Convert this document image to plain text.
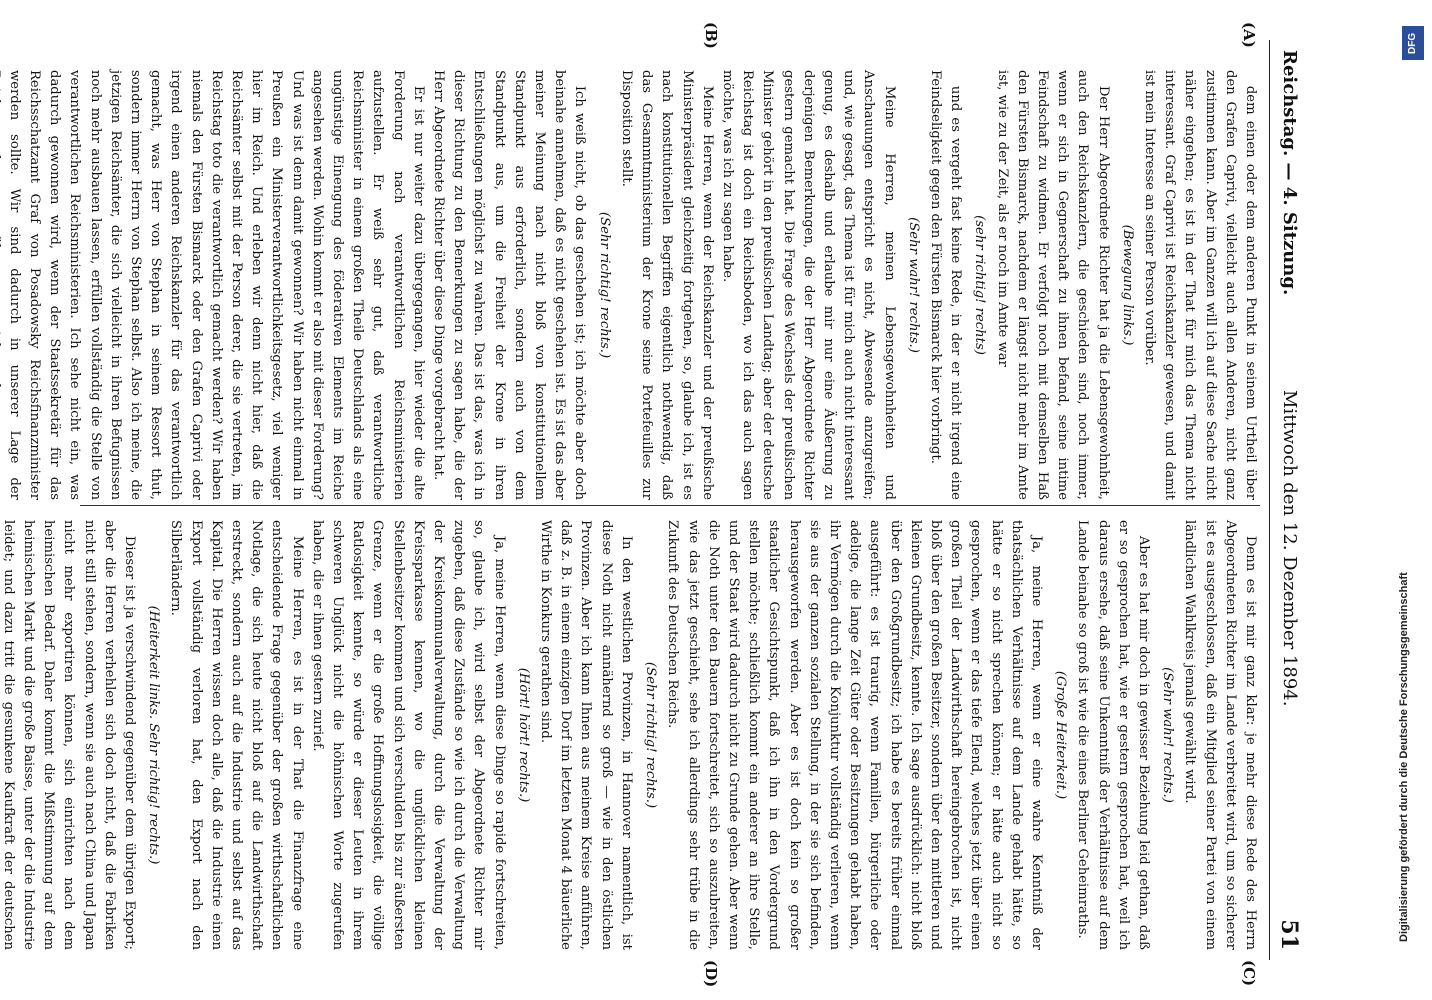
Reichstag. — 4. Sitzung.
Mittwoch den 12. Dezember 1894.
51
(A)
(B)
(C)
(D)

dem einen oder dem anderen Punkt in seinem Urtheil über den Grafen Caprivi, vielleicht auch allen Anderen, nicht ganz zustimmen kann. Aber im Ganzen will ich auf diese Sache nicht näher eingehen; es ist in der That für mich das Thema nicht interessant. Graf Caprivi ist Reichskanzler gewesen, und damit ist mein Interesse an seiner Person vorüber.

(Bewegung links.)

Der Herr Abgeordnete Richter hat ja die Lebensgewohnheit, auch den Reichskanzlern, die geschieden sind, noch immer, wenn er sich in Gegnerschaft zu ihnen befand, seine intime Feindschaft zu widmen. Er verfolgt noch mit demselben Haß den Fürsten Bismarck, nachdem er längst nicht mehr im Amte ist, wie zu der Zeit, als er noch im Amte war

(sehr richtig! rechts)

und es vergeht fast keine Rede, in der er nicht irgend eine Feindseligkeit gegen den Fürsten Bismarck hier vorbringt.

(Sehr wahr! rechts.)

Meine Herren, meinen Lebensgewohnheiten und Anschauungen entspricht es nicht, Abwesende anzugreifen; und, wie gesagt, das Thema ist für mich auch nicht interessant genug, es deshalb und erlaube mir nur eine Äußerung zu derjenigen Bemerkungen, die der Herr Abgeordnete Richter gestern gemacht hat. Die Frage des Wechsels der preußischen Minister gehört in den preußischen Landtag; aber der deutsche Reichstag ist doch ein Reichsboden, wo ich das auch sagen möchte, was ich zu sagen habe.

Meine Herren, wenn der Reichskanzler und der preußische Ministerpräsident gleichzeitig fortgehen, so, glaube ich, ist es nach konstitutionellen Begriffen eigentlich nothwendig, daß das Gesammtministerium der Krone seine Portefeuilles zur Disposition stellt.

(Sehr richtig! rechts.)

Ich weiß nicht, ob das geschehen ist; ich möchte aber doch beinahe annehmen, daß es nicht geschehen ist. Es ist das aber meiner Meinung nach nicht bloß von konstitutionellem Standpunkt aus erforderlich, sondern auch von dem Standpunkt aus, um die Freiheit der Krone in ihren Entschließungen möglichst zu wahren. Das ist das, was ich in dieser Richtung zu den Bemerkungen zu sagen habe, die der Herr Abgeordnete Richter über diese Dinge vorgebracht hat.

Er ist nur weiter dazu übergegangen, hier wieder die alte Forderung nach verantwortlichen Reichsministerien aufzustellen. Er weiß sehr gut, daß verantwortliche Reichsminister in einem großen Theile Deutschlands als eine ungünstige Einengung des föderativen Elements im Reiche angesehen werden. Wohin kommt er also mit dieser Forderung? Und was ist denn damit gewonnen? Wir haben nicht einmal in Preußen ein Ministerverantwortlichkeitsgesetz, viel weniger hier im Reich. Und erleben wir denn nicht hier, daß die Reichsämter selbst mit der Person derer, die sie vertreten, im Reichstag toto die verantwortlich gemacht werden? Wir haben niemals den Fürsten Bismarck oder den Grafen Caprivi oder irgend einen anderen Reichskanzler für das verantwortlich gemacht, was Herr von Stephan in seinem Ressort thut, sondern immer Herrn von Stephan selbst. Also ich meine, die jetzigen Reichsämter, die sich vielleicht in ihren Befugnissen noch mehr ausbauen lassen, erfüllen vollständig die Stelle von verantwortlichen Reichsministerien. Ich sehe nicht ein, was dadurch gewonnen wird, wenn der Staatssekretär für das Reichsschatzamt Graf von Posadowsky Reichsfinanzminister werden sollte. Wir sind dadurch in unserer Lage der

Denn es ist mir ganz klar: je mehr diese Rede des Herrn Abgeordneten Richter im Lande verbreitet wird, um so sicherer ist es ausgeschlossen, daß ein Mitglied seiner Partei von einem ländlichen Wahlkreis jemals gewählt wird.

(Sehr wahr! rechts.)

Aber es hat mir doch in gewisser Beziehung leid gethan, daß er so gesprochen hat, wie er gestern gesprochen hat, weil ich daraus ersehe, daß seine Unkenntniß der Verhältnisse auf dem Lande beinahe so groß ist wie die eines Berliner Geheimraths.

(Große Heiterkeit.)

Ja, meine Herren, wenn er eine wahre Kenntniß der thatsächlichen Verhältnisse auf dem Lande gehabt hätte, so hätte er so nicht sprechen können; er hätte auch nicht so gesprochen, wenn er das tiefe Elend, welches jetzt über einen großen Theil der Landwirthschaft hereingebrochen ist, nicht bloß über den großen Besitzer, sondern über den mittleren und kleinen Grundbesitz, kennte. Ich sage ausdrücklich: nicht bloß über den Großgrundbesitz; ich habe es bereits früher einmal ausgeführt: es ist traurig, wenn Familien, bürgerliche oder adelige, die lange Zeit Güter oder Besitzungen gehabt haben, ihr Vermögen durch die Konjunktur vollständig verlieren, wenn sie aus der ganzen sozialen Stellung, in der sie sich befinden, herausgeworfen werden. Aber es ist doch kein so großer staatlicher Gesichtspunkt, daß ich ihn in den Vordergrund stellen möchte; schließlich kommt ein anderer an ihre Stelle, und der Staat wird dadurch nicht zu Grunde gehen. Aber wenn die Noth unter den Bauern fortschreitet, sich so auszubreiten, wie das jetzt geschieht, sehe ich allerdings sehr trübe in die Zukunft des Deutschen Reichs.

(Sehr richtig! rechts.)

In den westlichen Provinzen, in Hannover namentlich, ist diese Noth nicht annähernd so groß — wie in den östlichen Provinzen. Aber ich kann Ihnen aus meinem Kreise anführen, daß z. B. in einem einzigen Dorf im letzten Monat 4 bäuerliche Wirthe in Konkurs gerathen sind.

(Hört! hört! rechts.)

Ja, meine Herren, wenn diese Dinge so rapide fortschreiten, so, glaube ich, wird selbst der Abgeordnete Richter mir zugeben, daß diese Zustände so wie ich durch die Verwaltung der Kreiskommunalverwaltung, durch die Verwaltung der Kreissparkasse kennen, wo die unglücklichen kleinen Stellenbesitzer kommen und sich verschulden bis zur äußersten Grenze, wenn er die große Hoffnungslosigkeit, die völlige Ratlosigkeit kennte, so würde er dieser Leuten in ihrem schweren Unglück nicht die höhnischen Worte zugerufen haben, die er ihnen gestern zurief.

Meine Herren, es ist in der That die Finanzfrage eine entscheidende Frage gegenüber der großen wirthschaftlichen Notlage, die sich heute nicht bloß auf die Landwirthschaft erstreckt, sondern auch auf die Industrie und selbst auf das Kapital. Die Herren wissen doch alle, daß die Industrie einen Export vollständig verloren hat, den Export nach den Silberländern.

(Heiterkeit links. Sehr richtig! rechts.)

Dieser ist ja verschwindend gegenüber dem übrigen Export; aber die Herren verhehlen sich doch nicht, daß die Fabriken nicht still stehen, sondern, wenn sie auch nach China und Japan nicht mehr exportiren können, sich einrichten nach dem heimischen Bedarf. Daher kommt die Mißstimmung auf dem heimischen Markt und die große Baisse, unter der die Industrie leidet; und dazu tritt die gesunkene Kaufkraft der deutschen

DFG
Digitalisierung gefördert durch die Deutsche Forschungsgemeinschaft
